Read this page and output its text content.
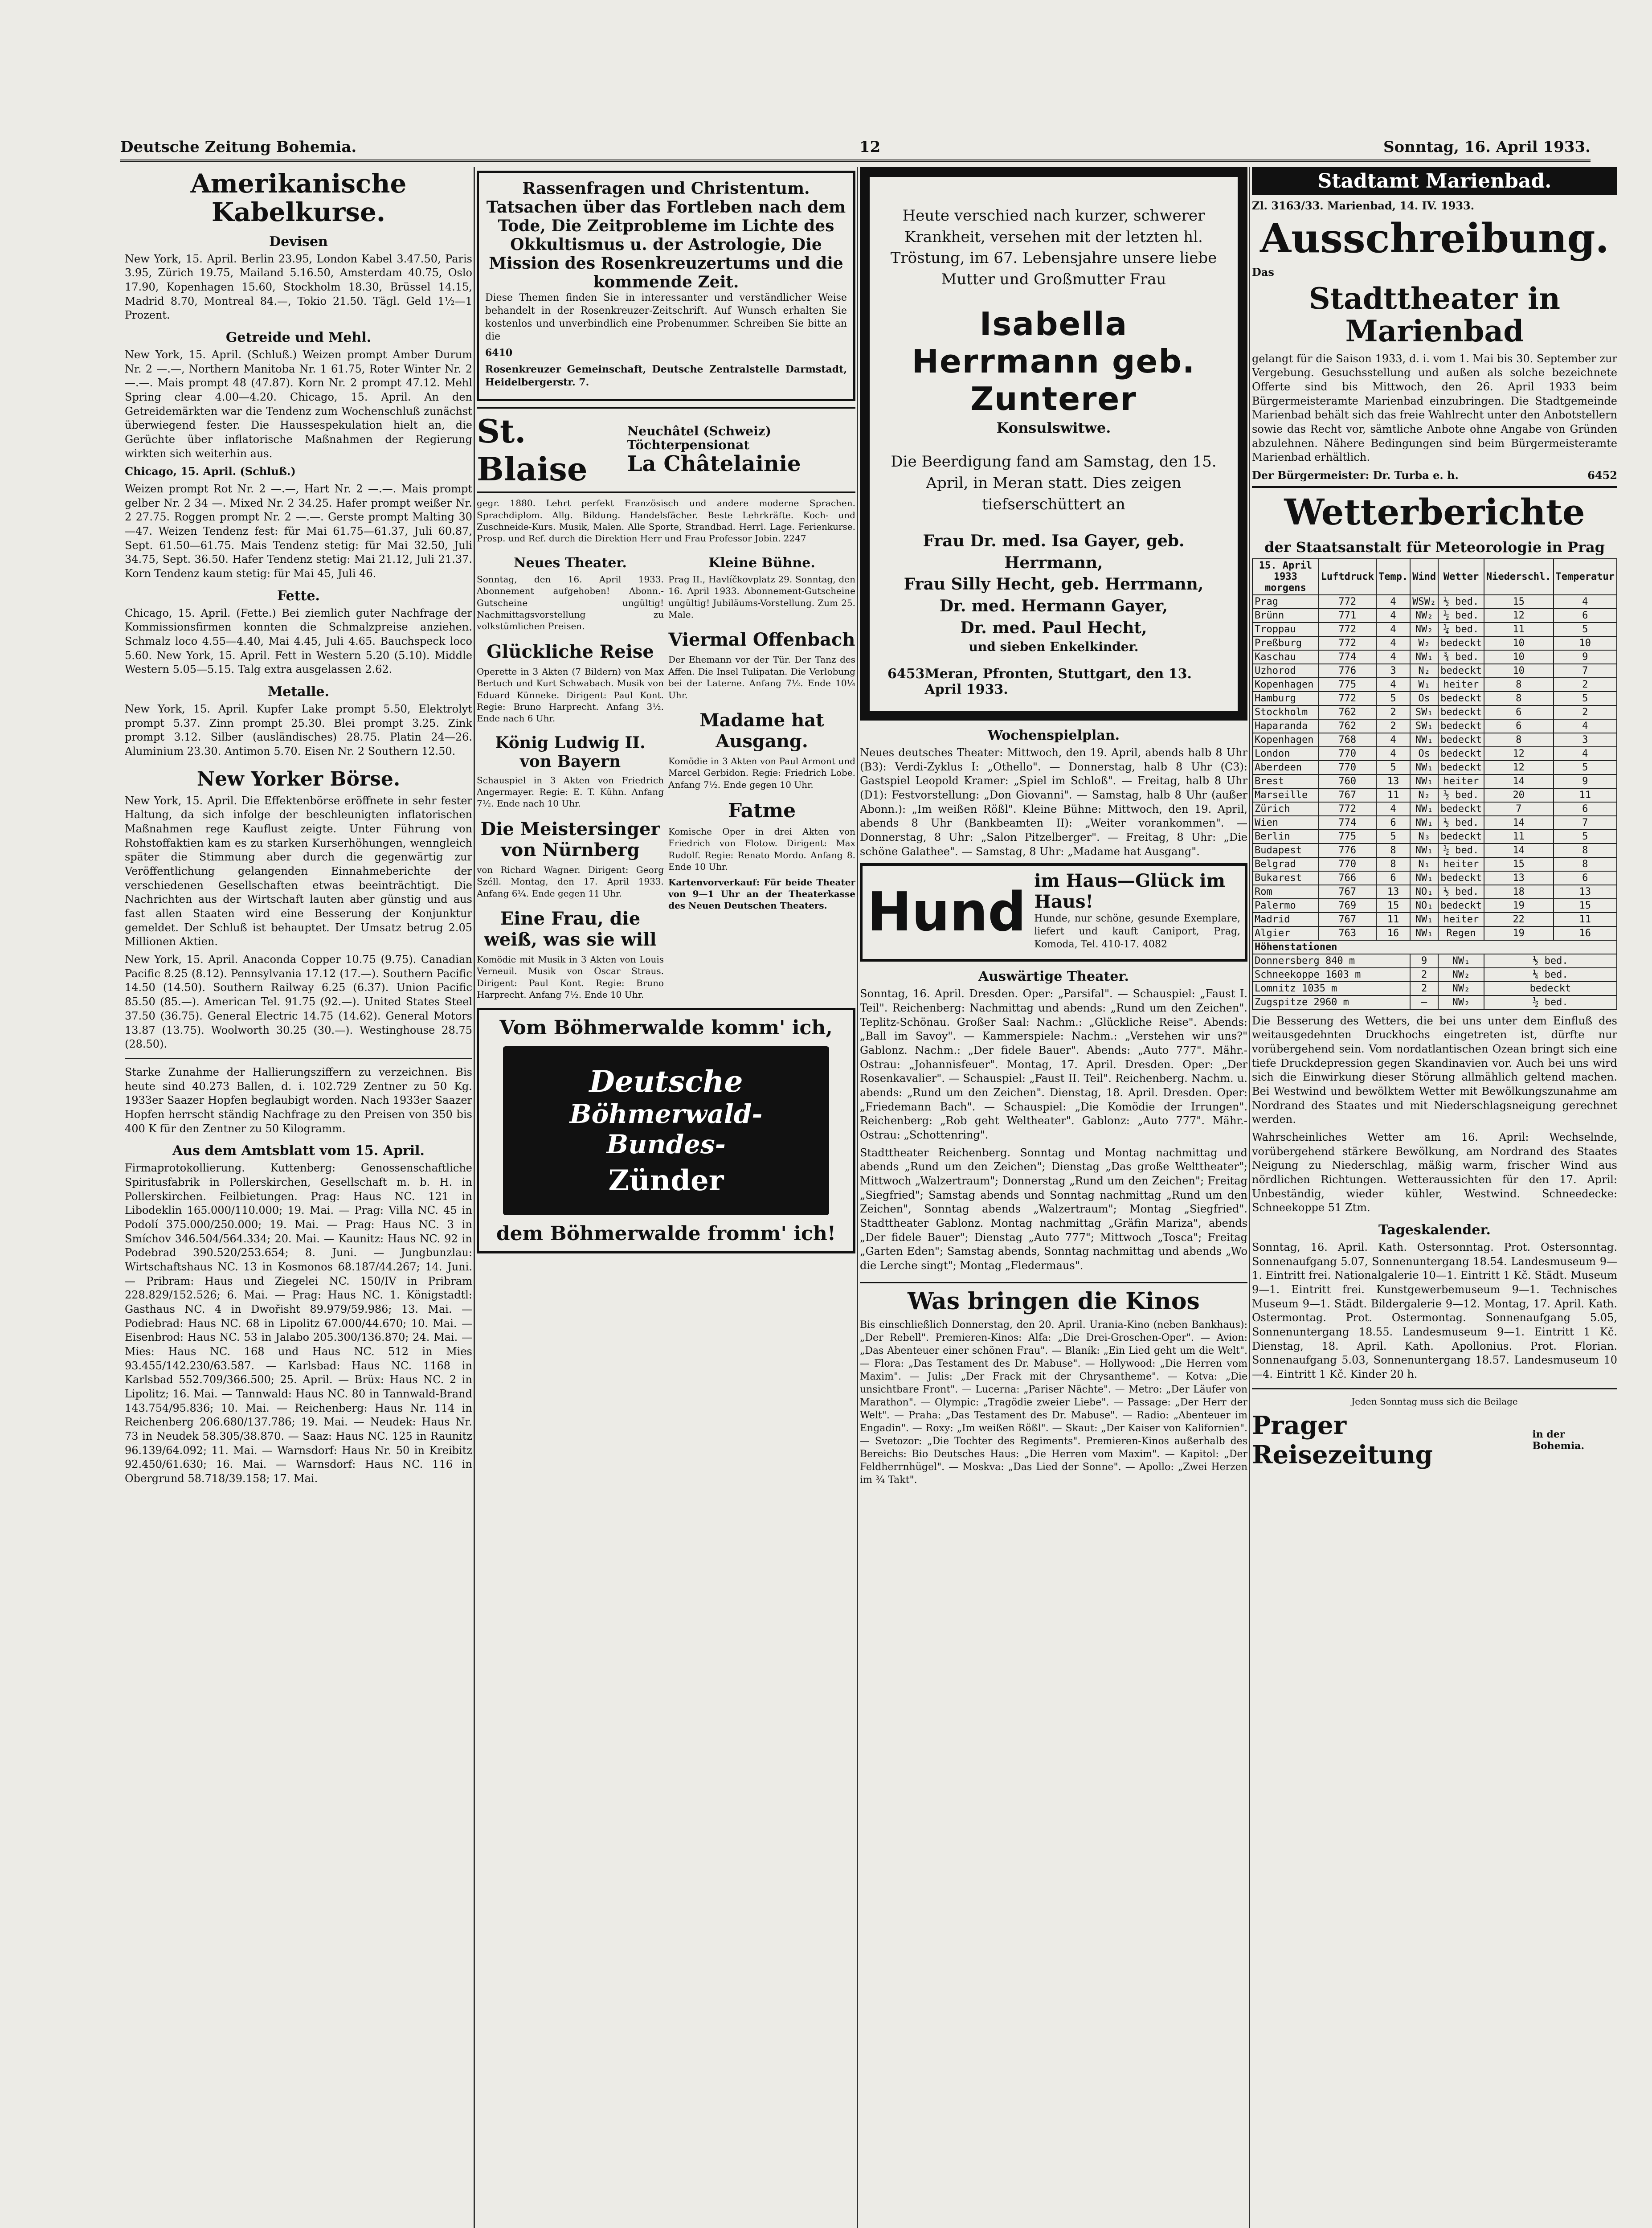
Deutsche Zeitung Bohemia.	12	Sonntag, 16. April 1933.
Amerikanische Kabelkurse.
Devisen

New York, 15. April. Berlin 23.95, London Kabel 3.47.50, Paris 3.95, Zürich 19.75, Mailand 5.16.50, Amsterdam 40.75, Oslo 17.90, Kopenhagen 15.60, Stockholm 18.30, Brüssel 14.15, Madrid 8.70, Montreal 84.—, Tokio 21.50. Tägl. Geld 1½—1 Prozent.

Getreide und Mehl.

New York, 15. April. (Schluß.) Weizen prompt Amber Durum Nr. 2 —.—, Northern Manitoba Nr. 1 61.75, Roter Winter Nr. 2 —.—. Mais prompt 48 (47.87). Korn Nr. 2 prompt 47.12. Mehl Spring clear 4.00—4.20. Chicago, 15. April. An den Getreidemärkten war die Tendenz zum Wochenschluß zunächst überwiegend fester. Die Haussespekulation hielt an, die Gerüchte über inflatorische Maßnahmen der Regierung wirkten sich weiterhin aus.

Chicago, 15. April. (Schluß.)

Weizen prompt Rot Nr. 2 —.—, Hart Nr. 2 —.—. Mais prompt gelber Nr. 2 34 —. Mixed Nr. 2 34.25. Hafer prompt weißer Nr. 2 27.75. Roggen prompt Nr. 2 —.—. Gerste prompt Malting 30—47. Weizen Tendenz fest: für Mai 61.75—61.37, Juli 60.87, Sept. 61.50—61.75. Mais Tendenz stetig: für Mai 32.50, Juli 34.75, Sept. 36.50. Hafer Tendenz stetig: Mai 21.12, Juli 21.37. Korn Tendenz kaum stetig: für Mai 45, Juli 46.

Fette.

Chicago, 15. April. (Fette.) Bei ziemlich guter Nachfrage der Kommissionsfirmen konnten die Schmalzpreise anziehen. Schmalz loco 4.55—4.40, Mai 4.45, Juli 4.65. Bauchspeck loco 5.60. New York, 15. April. Fett in Western 5.20 (5.10). Middle Western 5.05—5.15. Talg extra ausgelassen 2.62.

Metalle.

New York, 15. April. Kupfer Lake prompt 5.50, Elektrolyt prompt 5.37. Zinn prompt 25.30. Blei prompt 3.25. Zink prompt 3.12. Silber (ausländisches) 28.75. Platin 24—26. Aluminium 23.30. Antimon 5.70. Eisen Nr. 2 Southern 12.50.

New Yorker Börse.

New York, 15. April. Die Effektenbörse eröffnete in sehr fester Haltung, da sich infolge der beschleunigten inflatorischen Maßnahmen rege Kauflust zeigte. Unter Führung von Rohstoffaktien kam es zu starken Kurserhöhungen, wenngleich später die Stimmung aber durch die gegenwärtig zur Veröffentlichung gelangenden Einnahmeberichte der verschiedenen Gesellschaften etwas beeinträchtigt. Die Nachrichten aus der Wirtschaft lauten aber günstig und aus fast allen Staaten wird eine Besserung der Konjunktur gemeldet. Der Schluß ist behauptet. Der Umsatz betrug 2.05 Millionen Aktien.

New York, 15. April. Anaconda Copper 10.75 (9.75). Canadian Pacific 8.25 (8.12). Pennsylvania 17.12 (17.—). Southern Pacific 14.50 (14.50). Southern Railway 6.25 (6.37). Union Pacific 85.50 (85.—). American Tel. 91.75 (92.—). United States Steel 37.50 (36.75). General Electric 14.75 (14.62). General Motors 13.87 (13.75). Woolworth 30.25 (30.—). Westinghouse 28.75 (28.50).

Starke Zunahme der Hallierungsziffern zu verzeichnen. Bis heute sind 40.273 Ballen, d. i. 102.729 Zentner zu 50 Kg. 1933er Saazer Hopfen beglaubigt worden. Nach 1933er Saazer Hopfen herrscht ständig Nachfrage zu den Preisen von 350 bis 400 K für den Zentner zu 50 Kilogramm.

Aus dem Amtsblatt vom 15. April.

Firmaprotokollierung. Kuttenberg: Genossenschaftliche Spiritusfabrik in Pollerskirchen, Gesellschaft m. b. H. in Pollerskirchen. Feilbietungen. Prag: Haus NC. 121 in Libodeklin 165.000/110.000; 19. Mai. — Prag: Villa NC. 45 in Podolí 375.000/250.000; 19. Mai. — Prag: Haus NC. 3 in Smíchov 346.504/564.334; 20. Mai. — Kaunitz: Haus NC. 92 in Podebrad 390.520/253.654; 8. Juni. — Jungbunzlau: Wirtschaftshaus NC. 13 in Kosmonos 68.187/44.267; 14. Juni. — Pribram: Haus und Ziegelei NC. 150/IV in Pribram 228.829/152.526; 6. Mai. — Prag: Haus NC. 1. Königstadtl: Gasthaus NC. 4 in Dwořisht 89.979/59.986; 13. Mai. — Podiebrad: Haus NC. 68 in Lipolitz 67.000/44.670; 10. Mai. — Eisenbrod: Haus NC. 53 in Jalabo 205.300/136.870; 24. Mai. — Mies: Haus NC. 168 und Haus NC. 512 in Mies 93.455/142.230/63.587. — Karlsbad: Haus NC. 1168 in Karlsbad 552.709/366.500; 25. April. — Brüx: Haus NC. 2 in Lipolitz; 16. Mai. — Tannwald: Haus NC. 80 in Tannwald-Brand 143.754/95.836; 10. Mai. — Reichenberg: Haus Nr. 114 in Reichenberg 206.680/137.786; 19. Mai. — Neudek: Haus Nr. 73 in Neudek 58.305/38.870. — Saaz: Haus NC. 125 in Raunitz 96.139/64.092; 11. Mai. — Warnsdorf: Haus Nr. 50 in Kreibitz 92.450/61.630; 16. Mai. — Warnsdorf: Haus NC. 116 in Obergrund 58.718/39.158; 17. Mai.

Rassenfragen und Christentum. Tatsachen über das Fortleben nach dem Tode, Die Zeitprobleme im Lichte des Okkultismus u. der Astrologie, Die Mission des Rosenkreuzertums und die kommende Zeit.

Diese Themen finden Sie in interessanter und verständlicher Weise behandelt in der Rosenkreuzer-Zeitschrift. Auf Wunsch erhalten Sie kostenlos und unverbindlich eine Probenummer. Schreiben Sie bitte an die

6410

Rosenkreuzer Gemeinschaft, Deutsche Zentralstelle Darmstadt, Heidelbergerstr. 7.

St. Blaise
Neuchâtel (Schweiz) Töchterpensionat
La Châtelainie

gegr. 1880. Lehrt perfekt Französisch und andere moderne Sprachen. Sprachdiplom. Allg. Bildung. Handelsfächer. Beste Lehrkräfte. Koch- und Zuschneide-Kurs. Musik, Malen. Alle Sporte, Strandbad. Herrl. Lage. Ferienkurse. Prosp. und Ref. durch die Direktion Herr und Frau Professor Jobin. 2247

Neues Theater.

Sonntag, den 16. April 1933. Abonnement aufgehoben! Abonn.-Gutscheine ungültig! Nachmittagsvorstellung zu volkstümlichen Preisen.

Glückliche Reise

Operette in 3 Akten (7 Bildern) von Max Bertuch und Kurt Schwabach. Musik von Eduard Künneke. Dirigent: Paul Kont. Regie: Bruno Harprecht. Anfang 3½. Ende nach 6 Uhr.

König Ludwig II. von Bayern

Schauspiel in 3 Akten von Friedrich Angermayer. Regie: E. T. Kühn. Anfang 7½. Ende nach 10 Uhr.

Die Meistersinger von Nürnberg

von Richard Wagner. Dirigent: Georg Széll. Montag, den 17. April 1933. Anfang 6¼. Ende gegen 11 Uhr.

Eine Frau, die weiß, was sie will

Komödie mit Musik in 3 Akten von Louis Verneuil. Musik von Oscar Straus. Dirigent: Paul Kont. Regie: Bruno Harprecht. Anfang 7½. Ende 10 Uhr.

Kleine Bühne.

Prag II., Havlíčkovplatz 29. Sonntag, den 16. April 1933. Abonnement-Gutscheine ungültig! Jubiläums-Vorstellung. Zum 25. Male.

Viermal Offenbach

Der Ehemann vor der Tür. Der Tanz des Affen. Die Insel Tulipatan. Die Verlobung bei der Laterne. Anfang 7½. Ende 10¼ Uhr.

Madame hat Ausgang.

Komödie in 3 Akten von Paul Armont und Marcel Gerbidon. Regie: Friedrich Lobe. Anfang 7½. Ende gegen 10 Uhr.

Fatme

Komische Oper in drei Akten von Friedrich von Flotow. Dirigent: Max Rudolf. Regie: Renato Mordo. Anfang 8. Ende 10 Uhr.

Kartenvorverkauf: Für beide Theater von 9—1 Uhr an der Theaterkasse des Neuen Deutschen Theaters.

Vom Böhmerwalde komm' ich,
Deutsche
Böhmerwald-Bundes-
Zünder
dem Böhmerwalde fromm' ich!

Heute verschied nach kurzer, schwerer Krankheit, versehen mit der letzten hl. Tröstung, im 67. Lebensjahre unsere liebe Mutter und Großmutter Frau

Isabella Herrmann geb. Zunterer
Konsulswitwe.

Die Beerdigung fand am Samstag, den 15. April, in Meran statt. Dies zeigen tiefserschüttert an

Frau Dr. med. Isa Gayer, geb. Herrmann,
Frau Silly Hecht, geb. Herrmann,
Dr. med. Hermann Gayer,
Dr. med. Paul Hecht,
und sieben Enkelkinder.
6453 Meran, Pfronten, Stuttgart, den 13. April 1933.
Wochenspielplan.

Neues deutsches Theater: Mittwoch, den 19. April, abends halb 8 Uhr (B3): Verdi-Zyklus I: „Othello". — Donnerstag, halb 8 Uhr (C3): Gastspiel Leopold Kramer: „Spiel im Schloß". — Freitag, halb 8 Uhr (D1): Festvorstellung: „Don Giovanni". — Samstag, halb 8 Uhr (außer Abonn.): „Im weißen Rößl". Kleine Bühne: Mittwoch, den 19. April, abends 8 Uhr (Bankbeamten II): „Weiter vorankommen". — Donnerstag, 8 Uhr: „Salon Pitzelberger". — Freitag, 8 Uhr: „Die schöne Galathee". — Samstag, 8 Uhr: „Madame hat Ausgang".

Hund
im Haus—Glück im Haus!
Hunde, nur schöne, gesunde Exemplare, liefert und kauft Caniport, Prag, Komoda, Tel. 410-17. 4082
Auswärtige Theater.

Sonntag, 16. April. Dresden. Oper: „Parsifal". — Schauspiel: „Faust I. Teil". Reichenberg: Nachmittag und abends: „Rund um den Zeichen". Teplitz-Schönau. Großer Saal: Nachm.: „Glückliche Reise". Abends: „Ball im Savoy". — Kammerspiele: Nachm.: „Verstehen wir uns?" Gablonz. Nachm.: „Der fidele Bauer". Abends: „Auto 777". Mähr.-Ostrau: „Johannisfeuer". Montag, 17. April. Dresden. Oper: „Der Rosenkavalier". — Schauspiel: „Faust II. Teil". Reichenberg. Nachm. u. abends: „Rund um den Zeichen". Dienstag, 18. April. Dresden. Oper: „Friedemann Bach". — Schauspiel: „Die Komödie der Irrungen". Reichenberg: „Rob geht Weltheater". Gablonz: „Auto 777". Mähr.-Ostrau: „Schottenring".

Stadttheater Reichenberg. Sonntag und Montag nachmittag und abends „Rund um den Zeichen"; Dienstag „Das große Welttheater"; Mittwoch „Walzertraum"; Donnerstag „Rund um den Zeichen"; Freitag „Siegfried"; Samstag abends und Sonntag nachmittag „Rund um den Zeichen", Sonntag abends „Walzertraum"; Montag „Siegfried". Stadttheater Gablonz. Montag nachmittag „Gräfin Mariza", abends „Der fidele Bauer"; Dienstag „Auto 777"; Mittwoch „Tosca"; Freitag „Garten Eden"; Samstag abends, Sonntag nachmittag und abends „Wo die Lerche singt"; Montag „Fledermaus".

Was bringen die Kinos

Bis einschließlich Donnerstag, den 20. April. Urania-Kino (neben Bankhaus): „Der Rebell". Premieren-Kinos: Alfa: „Die Drei-Groschen-Oper". — Avion: „Das Abenteuer einer schönen Frau". — Blaník: „Ein Lied geht um die Welt". — Flora: „Das Testament des Dr. Mabuse". — Hollywood: „Die Herren vom Maxim". — Julis: „Der Frack mit der Chrysantheme". — Kotva: „Die unsichtbare Front". — Lucerna: „Pariser Nächte". — Metro: „Der Läufer von Marathon". — Olympic: „Tragödie zweier Liebe". — Passage: „Der Herr der Welt". — Praha: „Das Testament des Dr. Mabuse". — Radio: „Abenteuer im Engadin". — Roxy: „Im weißen Rößl". — Skaut: „Der Kaiser von Kalifornien". — Svetozor: „Die Tochter des Regiments". Premieren-Kinos außerhalb des Bereichs: Bio Deutsches Haus: „Die Herren vom Maxim". — Kapitol: „Der Feldherrnhügel". — Moskva: „Das Lied der Sonne". — Apollo: „Zwei Herzen im ¾ Takt".

Stadtamt Marienbad.

Zl. 3163/33. Marienbad, 14. IV. 1933.

Ausschreibung.
Das
Stadttheater in Marienbad

gelangt für die Saison 1933, d. i. vom 1. Mai bis 30. September zur Vergebung. Gesuchsstellung und außen als solche bezeichnete Offerte sind bis Mittwoch, den 26. April 1933 beim Bürgermeisteramte Marienbad einzubringen. Die Stadtgemeinde Marienbad behält sich das freie Wahlrecht unter den Anbotstellern sowie das Recht vor, sämtliche Anbote ohne Angabe von Gründen abzulehnen. Nähere Bedingungen sind beim Bürgermeisteramte Marienbad erhältlich.

Der Bürgermeister: Dr. Turba e. h.	6452
Wetterberichte
der Staatsanstalt für Meteorologie in Prag
15. April 1933 morgens	Luftdruck	Temp.	Wind	Wetter	Niederschl.	Temperatur
Prag	772	4	WSW₂	½ bed.	15	4
Brünn	771	4	NW₂	½ bed.	12	6
Troppau	772	4	NW₂	¼ bed.	11	5
Preßburg	772	4	W₂	bedeckt	10	10
Kaschau	774	4	NW₁	¾ bed.	10	9
Uzhorod	776	3	N₂	bedeckt	10	7
Kopenhagen	775	4	W₁	heiter	8	2
Hamburg	772	5	Os	bedeckt	8	5
Stockholm	762	2	SW₁	bedeckt	6	2
Haparanda	762	2	SW₁	bedeckt	6	4
Kopenhagen	768	4	NW₁	bedeckt	8	3
London	770	4	Os	bedeckt	12	4
Aberdeen	770	5	NW₁	bedeckt	12	5
Brest	760	13	NW₁	heiter	14	9
Marseille	767	11	N₂	½ bed.	20	11
Zürich	772	4	NW₁	bedeckt	7	6
Wien	774	6	NW₁	½ bed.	14	7
Berlin	775	5	N₃	bedeckt	11	5
Budapest	776	8	NW₁	½ bed.	14	8
Belgrad	770	8	N₁	heiter	15	8
Bukarest	766	6	NW₁	bedeckt	13	6
Rom	767	13	NO₁	½ bed.	18	13
Palermo	769	15	NO₁	bedeckt	19	15
Madrid	767	11	NW₁	heiter	22	11
Algier	763	16	NW₁	Regen	19	16
Höhenstationen						
Donnersberg 840 m			9	NW₁	½ bed.	
Schneekoppe 1603 m			2	NW₂	¼ bed.	
Lomnitz 1035 m			2	NW₂	bedeckt	
Zugspitze 2960 m			—	NW₂	½ bed.	

Die Besserung des Wetters, die bei uns unter dem Einfluß des weitausgedehnten Druckhochs eingetreten ist, dürfte nur vorübergehend sein. Vom nordatlantischen Ozean bringt sich eine tiefe Druckdepression gegen Skandinavien vor. Auch bei uns wird sich die Einwirkung dieser Störung allmählich geltend machen. Bei Westwind und bewölktem Wetter mit Bewölkungszunahme am Nordrand des Staates und mit Niederschlagsneigung gerechnet werden.

Wahrscheinliches Wetter am 16. April: Wechselnde, vorübergehend stärkere Bewölkung, am Nordrand des Staates Neigung zu Niederschlag, mäßig warm, frischer Wind aus nördlichen Richtungen. Wetteraussichten für den 17. April: Unbeständig, wieder kühler, Westwind. Schneedecke: Schneekoppe 51 Ztm.

Tageskalender.

Sonntag, 16. April. Kath. Ostersonntag. Prot. Ostersonntag. Sonnenaufgang 5.07, Sonnenuntergang 18.54. Landesmuseum 9—1. Eintritt frei. Nationalgalerie 10—1. Eintritt 1 Kč. Städt. Museum 9—1. Eintritt frei. Kunstgewerbemuseum 9—1. Technisches Museum 9—1. Städt. Bildergalerie 9—12. Montag, 17. April. Kath. Ostermontag. Prot. Ostermontag. Sonnenaufgang 5.05, Sonnenuntergang 18.55. Landesmuseum 9—1. Eintritt 1 Kč. Dienstag, 18. April. Kath. Apollonius. Prot. Florian. Sonnenaufgang 5.03, Sonnenuntergang 18.57. Landesmuseum 10—4. Eintritt 1 Kč. Kinder 20 h.

Jeden Sonntag muss sich die Beilage

Prager Reisezeitung
in der Bohemia.
